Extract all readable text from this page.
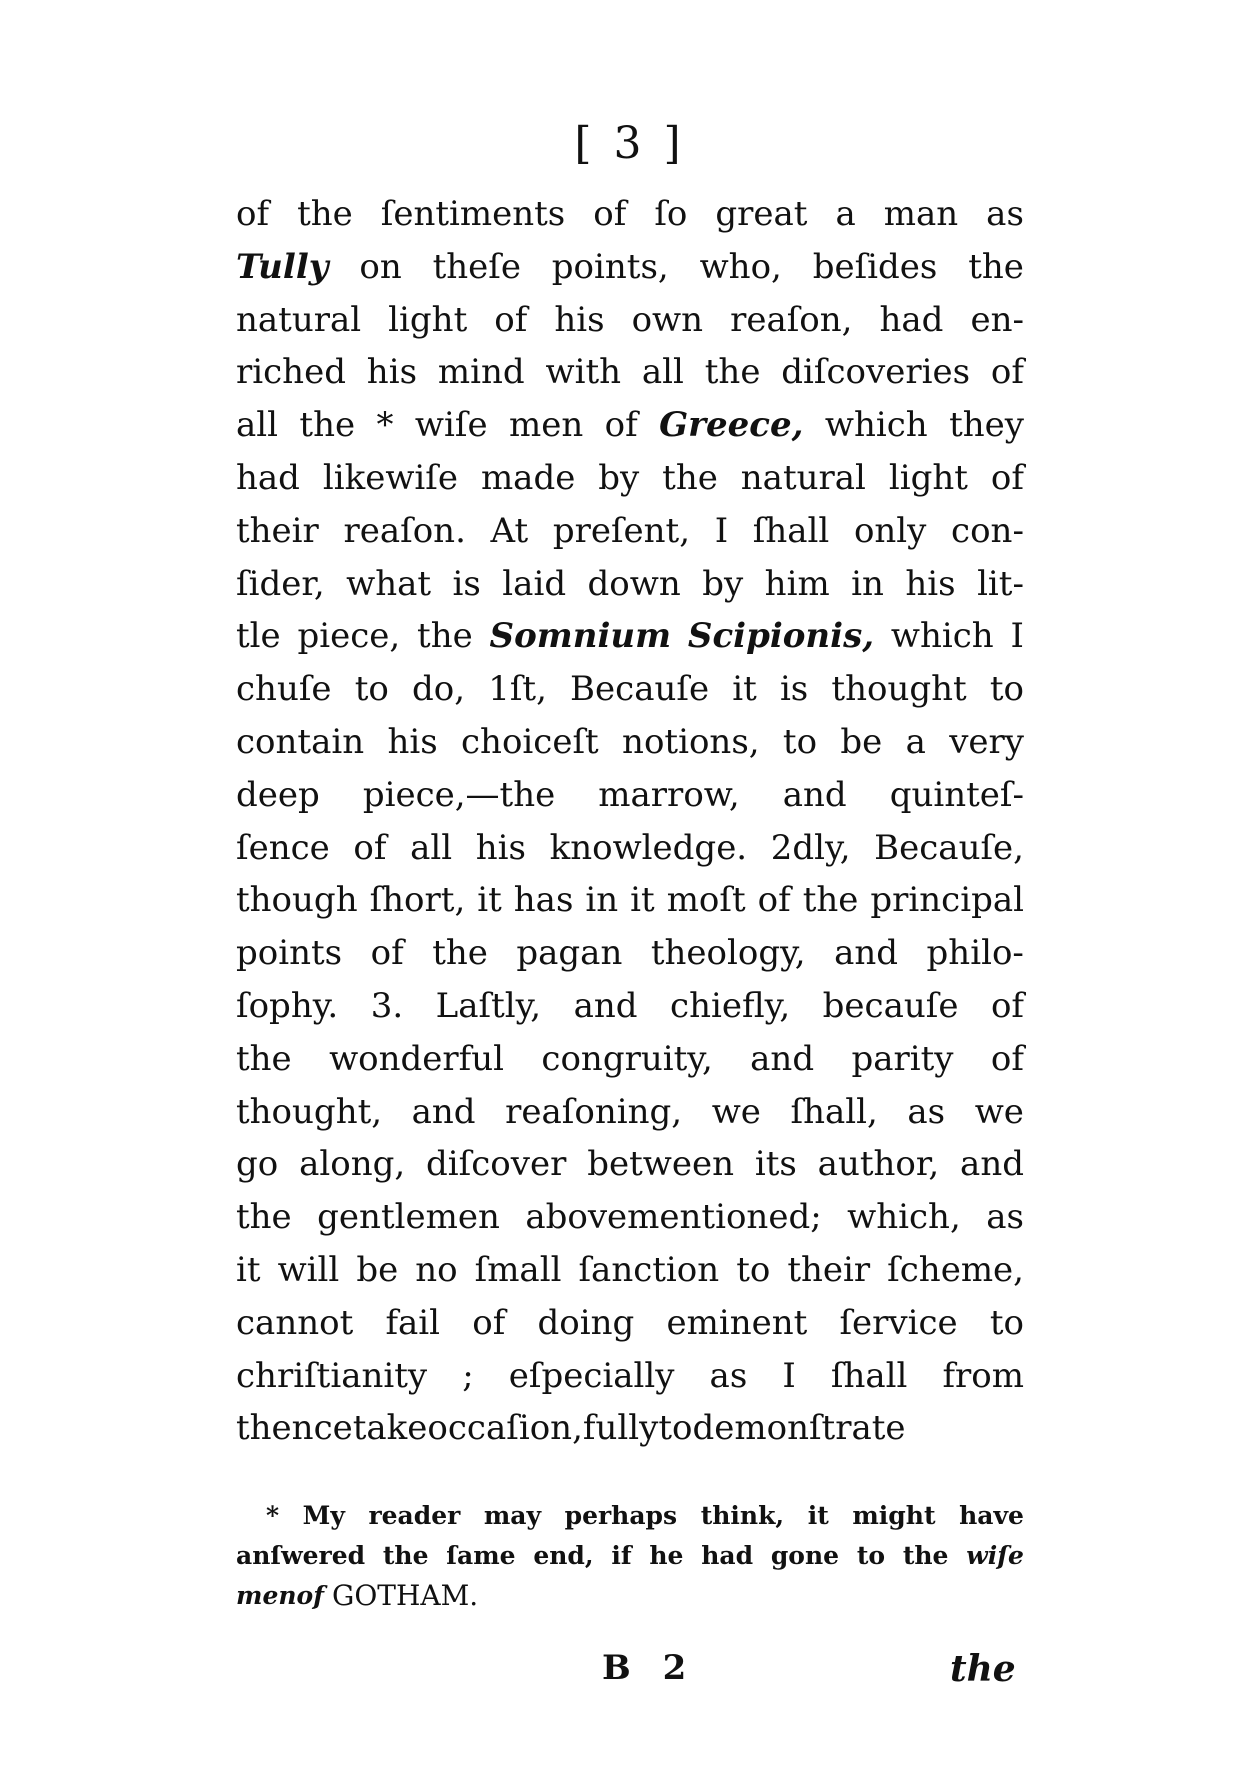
[ 3 ]
of the ſentiments of ſo great a man as
Tully on theſe points, who, beſides the
natural light of his own reaſon, had en-
riched his mind with all the diſcoveries of
all the * wiſe men of Greece, which they
had likewiſe made by the natural light of
their reaſon. At preſent, I ſhall only con-
ſider, what is laid down by him in his lit-
tle piece, the Somnium Scipionis, which I
chuſe to do, 1ſt, Becauſe it is thought to
contain his choiceſt notions, to be a very
deep piece,—the marrow, and quinteſ-
ſence of all his knowledge. 2dly, Becauſe,
though ſhort, it has in it moſt of the principal
points of the pagan theology, and philo-
ſophy. 3. Laſtly, and chiefly, becauſe of
the wonderful congruity, and parity of
thought, and reaſoning, we ſhall, as we
go along, diſcover between its author, and
the gentlemen abovementioned; which, as
it will be no ſmall ſanction to their ſcheme,
cannot fail of doing eminent ſervice to
chriſtianity ; eſpecially as I ſhall from
thence take occaſion, fully to demonſtrate
* My reader may perhaps think, it might have
anſwered the ſame end, if he had gone to the wiſe
men of GOTHAM.
B 2	the
